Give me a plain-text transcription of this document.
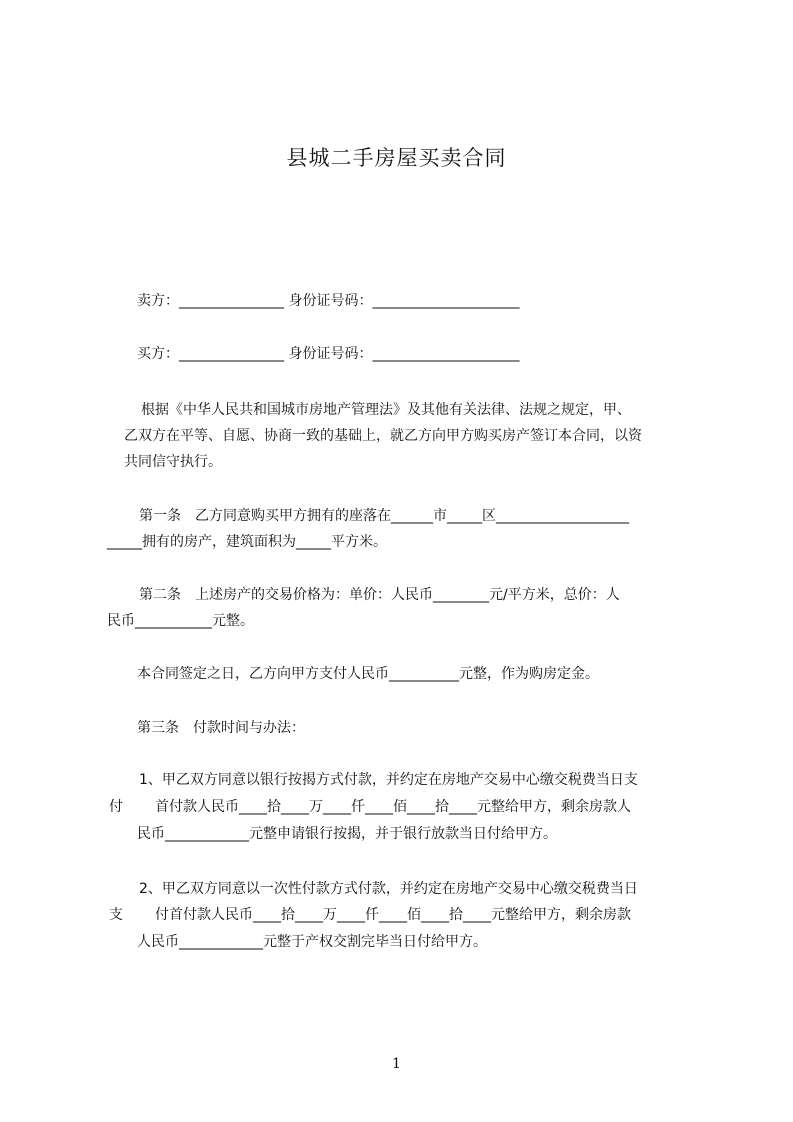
县城二手房屋买卖合同
卖方：_______________ 身份证号码：_____________________
买方：_______________ 身份证号码：_____________________
根据《中华人民共和国城市房地产管理法》及其他有关法律、法规之规定，甲、
乙双方在平等、自愿、协商一致的基础上，就乙方向甲方购买房产签订本合同，以资
共同信守执行。
第一条　乙方同意购买甲方拥有的座落在______市_____区___________________
_____拥有的房产，建筑面积为_____平方米。
第二条　上述房产的交易价格为：单价：人民币________元/平方米，总价：人
民币___________元整。
本合同签定之日，乙方向甲方支付人民币__________元整，作为购房定金。
第三条　付款时间与办法：
1、甲乙双方同意以银行按揭方式付款，并约定在房地产交易中心缴交税费当日支
付 首付款人民币____拾____万____仟____佰____拾____元整给甲方，剩余房款人
民币____________元整申请银行按揭，并于银行放款当日付给甲方。
2、甲乙双方同意以一次性付款方式付款，并约定在房地产交易中心缴交税费当日
支 付首付款人民币____拾____万____仟____佰____拾____元整给甲方，剩余房款
人民币____________元整于产权交割完毕当日付给甲方。
1
